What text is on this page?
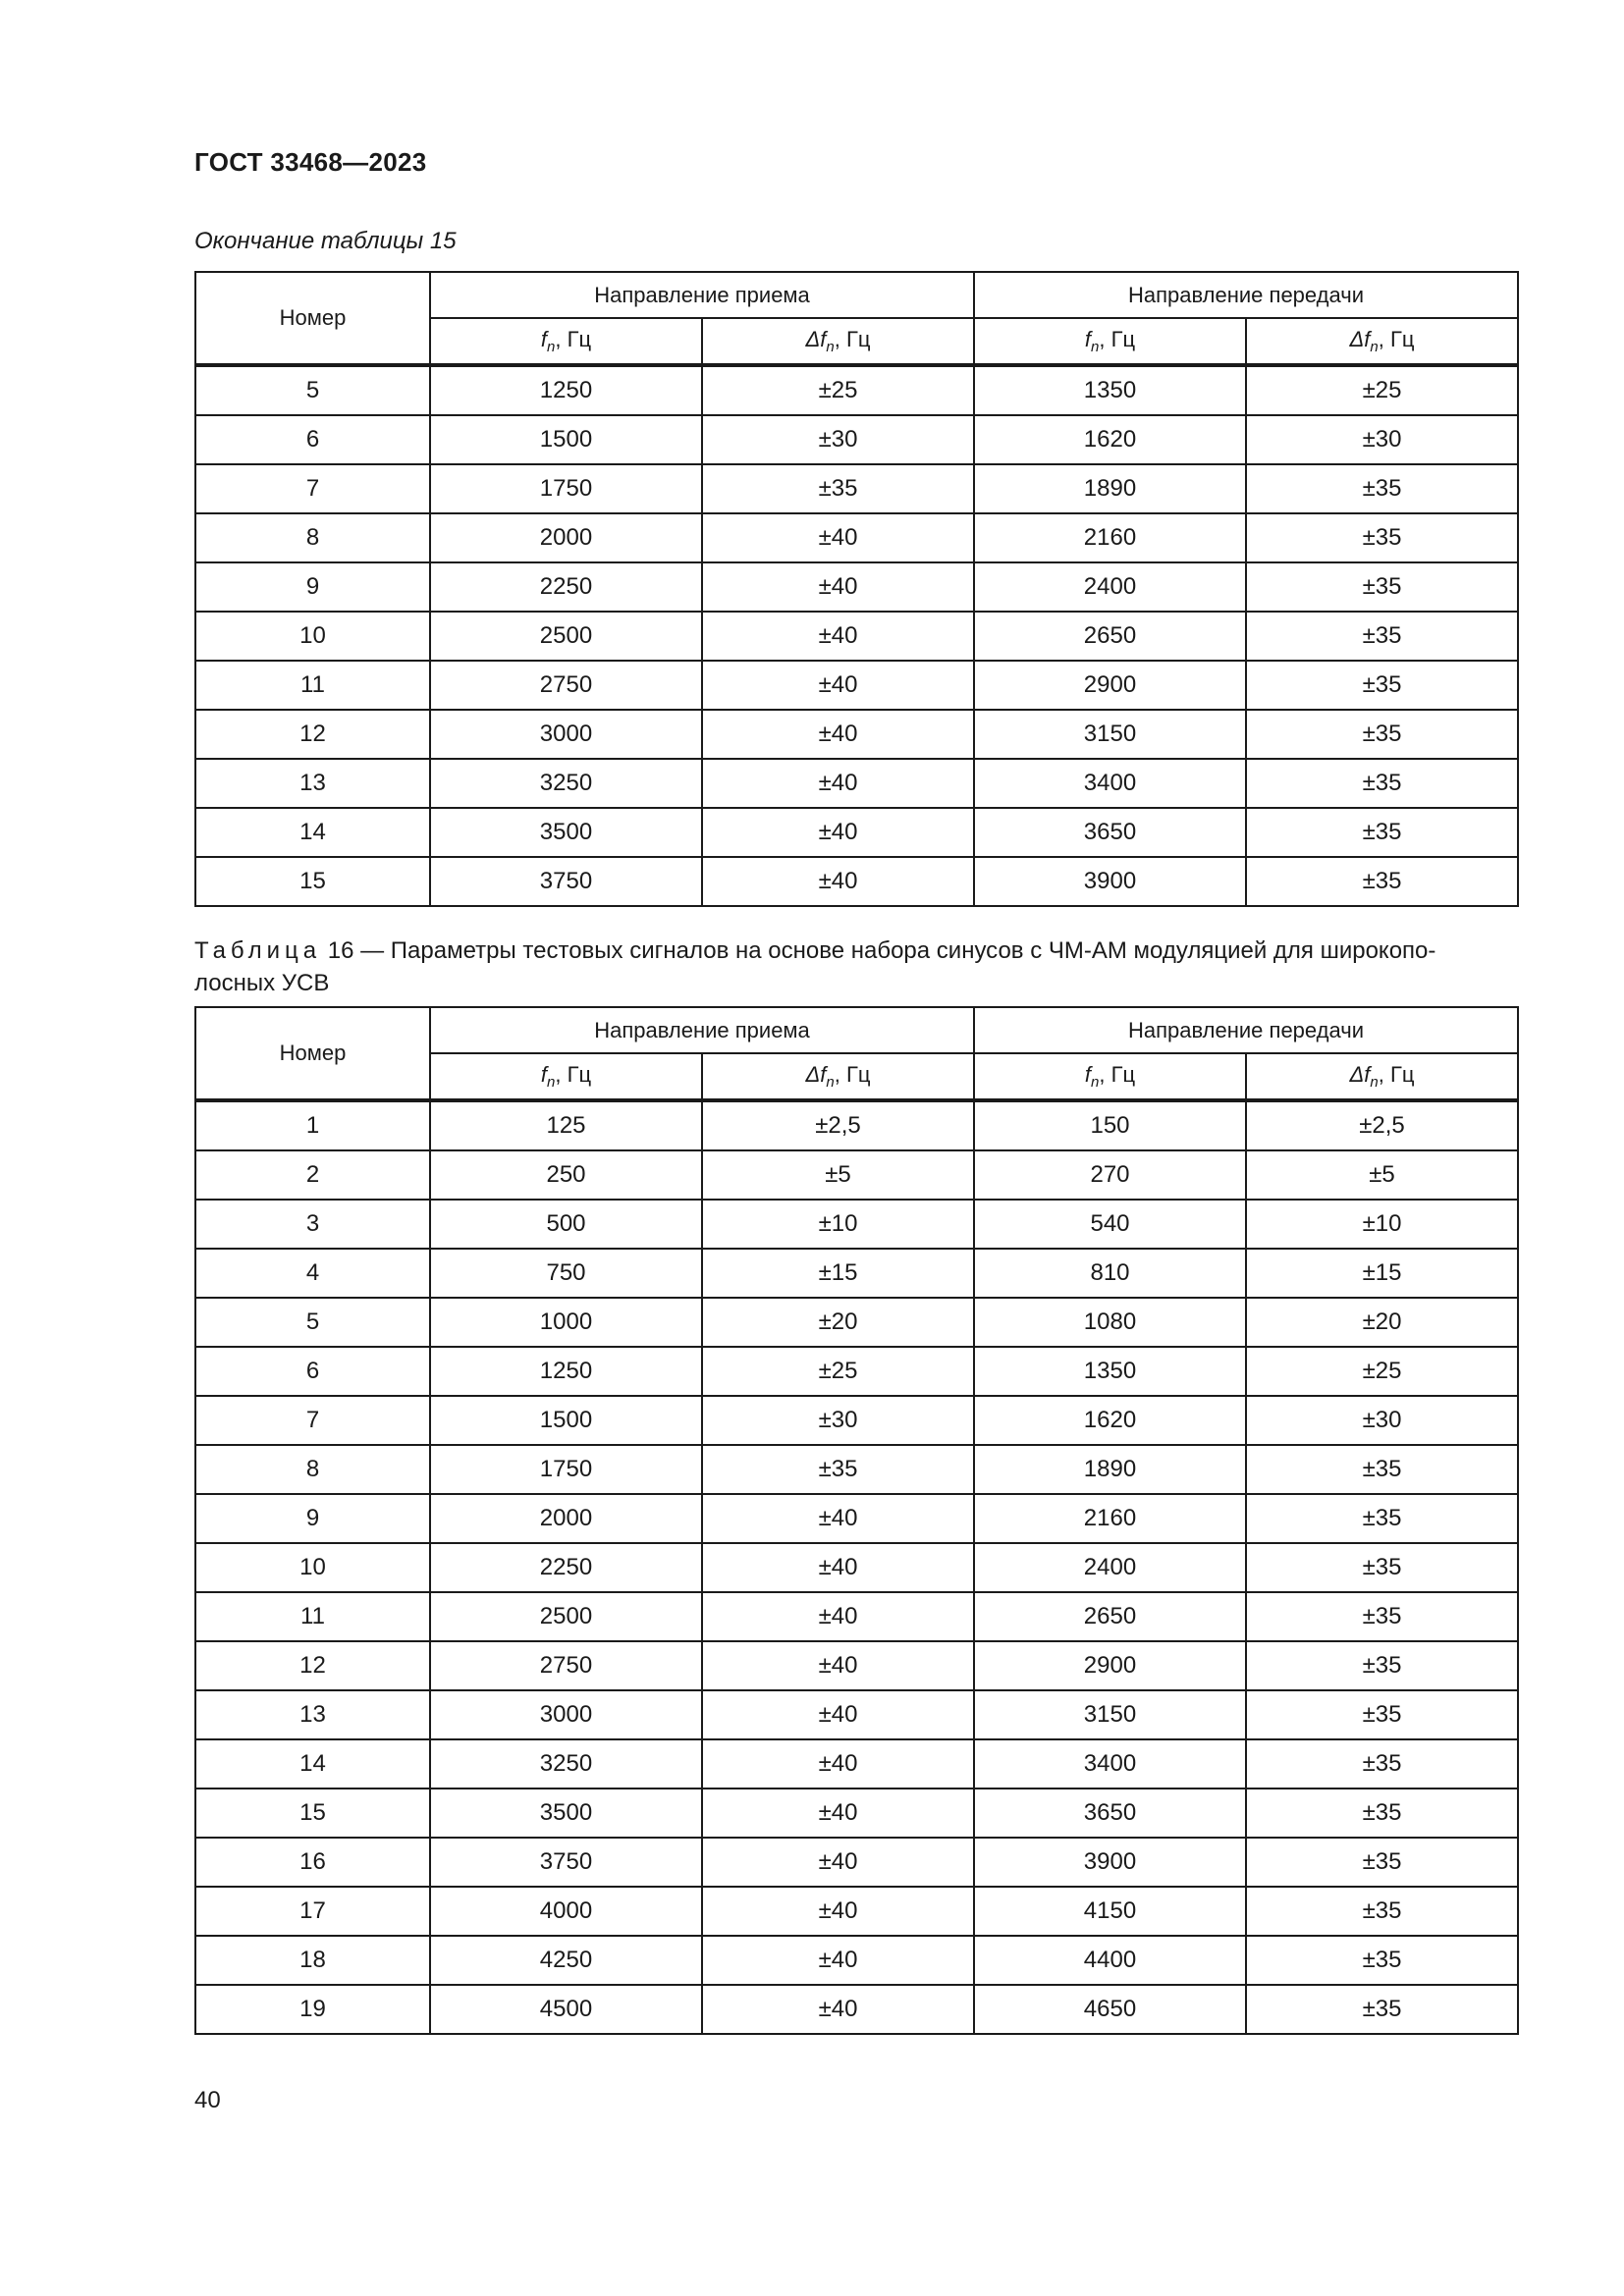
ГОСТ 33468—2023
Окончание таблицы 15
Номер	Направление приема		Направление передачи	
	$f_n$, Гц	$\Delta f_n$, Гц	$f_n$, Гц	$\Delta f_n$, Гц
5	1250	±25	1350	±25
6	1500	±30	1620	±30
7	1750	±35	1890	±35
8	2000	±40	2160	±35
9	2250	±40	2400	±35
10	2500	±40	2650	±35
11	2750	±40	2900	±35
12	3000	±40	3150	±35
13	3250	±40	3400	±35
14	3500	±40	3650	±35
15	3750	±40	3900	±35
Таблица 16 — Параметры тестовых сигналов на основе набора синусов с ЧМ-АМ модуляцией для широкопо-лосных УСВ
Номер	Направление приема		Направление передачи	
	$f_n$, Гц	$\Delta f_n$, Гц	$f_n$, Гц	$\Delta f_n$, Гц
1	125	±2,5	150	±2,5
2	250	±5	270	±5
3	500	±10	540	±10
4	750	±15	810	±15
5	1000	±20	1080	±20
6	1250	±25	1350	±25
7	1500	±30	1620	±30
8	1750	±35	1890	±35
9	2000	±40	2160	±35
10	2250	±40	2400	±35
11	2500	±40	2650	±35
12	2750	±40	2900	±35
13	3000	±40	3150	±35
14	3250	±40	3400	±35
15	3500	±40	3650	±35
16	3750	±40	3900	±35
17	4000	±40	4150	±35
18	4250	±40	4400	±35
19	4500	±40	4650	±35
40
